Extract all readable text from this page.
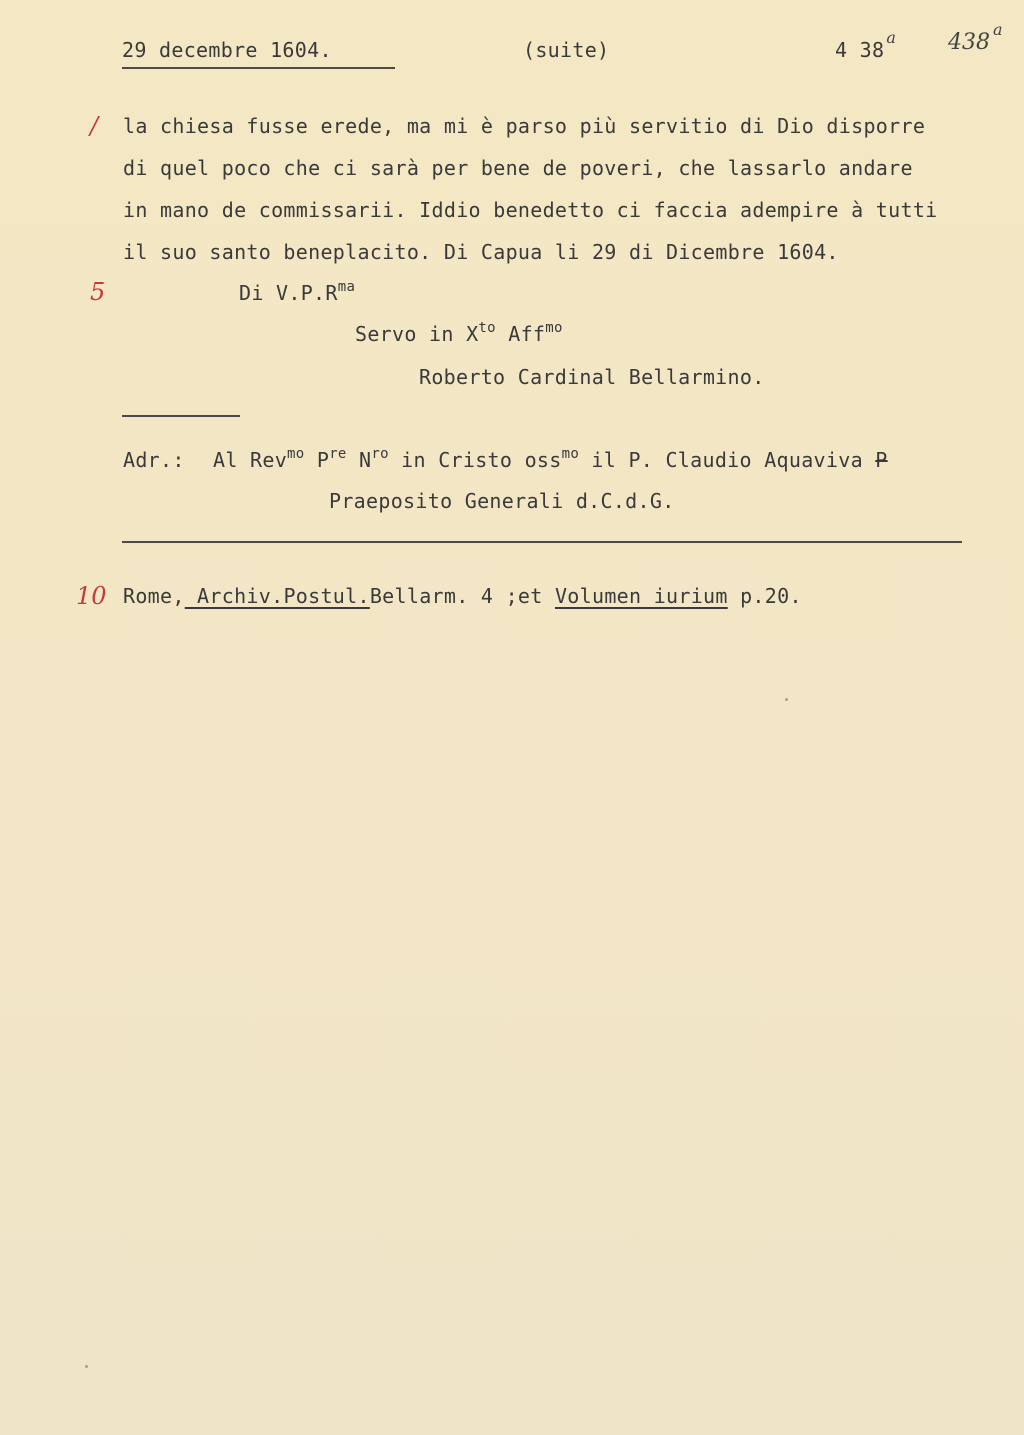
29 decembre 1604.	(suite)	4 38$^a$ 438$^a$
/
5
10
la chiesa fusse erede, ma mi è parso più servitio di Dio disporre
di quel poco che ci sarà per bene de poveri, che lassarlo andare
in mano de commissarii. Iddio benedetto ci faccia adempire à tutti
il suo santo beneplacito. Di Capua li 29 di Dicembre 1604.
Di $V.P.R^{ma}$
Servo in $X^{to}$ Aff$^{mo}$
Roberto Cardinal Bellarmino.
Adr.: Al Rev$^{mo}$ $P^{re}$ $N^{ro}$ in Cristo oss$^{mo}$ il P. Claudio Aquaviva P
Praeposito Generali d.C.d.G.
Rome, Archiv.Postul.Bellarm. 4 ;et Volumen iurium p.20.
